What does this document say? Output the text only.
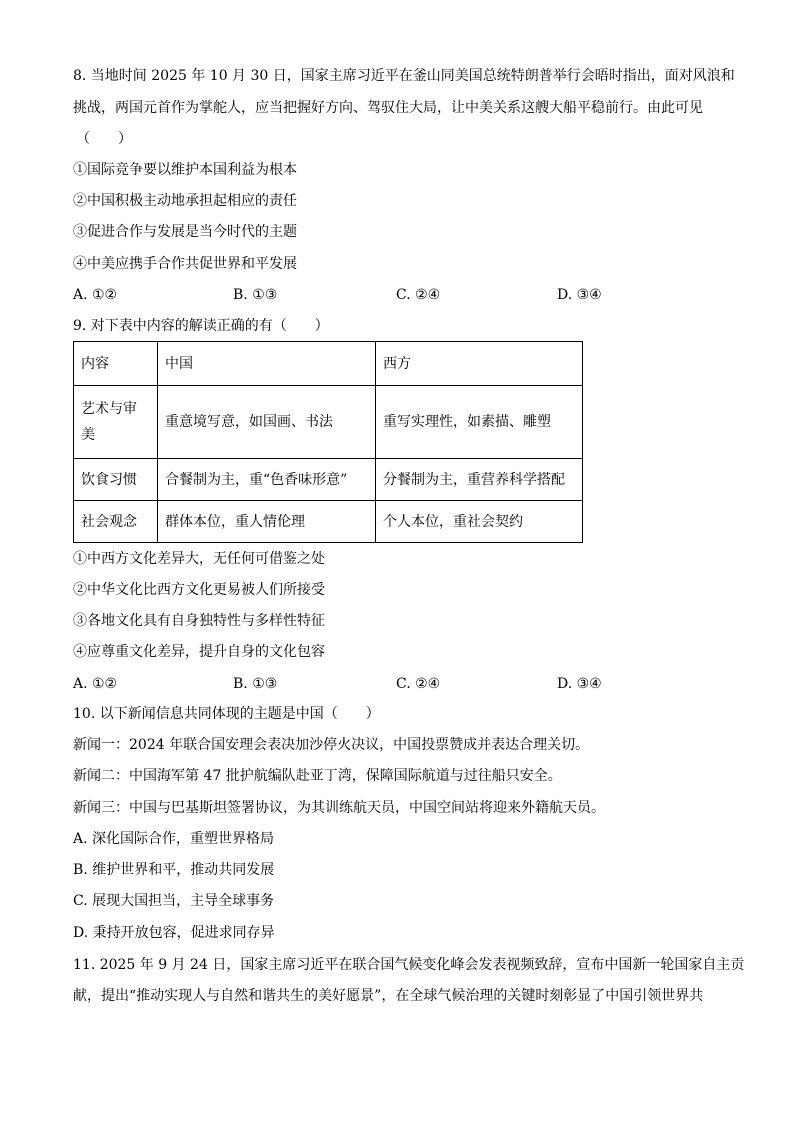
8. 当地时间 2025 年 10 月 30 日，国家主席习近平在釜山同美国总统特朗普举行会晤时指出，面对风浪和
挑战，两国元首作为掌舵人，应当把握好方向、驾驭住大局，让中美关系这艘大船平稳前行。由此可见
（　　）
①国际竞争要以维护本国利益为根本
②中国积极主动地承担起相应的责任
③促进合作与发展是当今时代的主题
④中美应携手合作共促世界和平发展
A. ①②	B. ①③	C. ②④	D. ③④
9. 对下表中内容的解读正确的有（　　）
内容	中国	西方
艺术与审美	重意境写意，如国画、书法	重写实理性，如素描、雕塑
饮食习惯	合餐制为主，重“色香味形意”	分餐制为主，重营养科学搭配
社会观念	群体本位，重人情伦理	个人本位，重社会契约
①中西方文化差异大，无任何可借鉴之处
②中华文化比西方文化更易被人们所接受
③各地文化具有自身独特性与多样性特征
④应尊重文化差异，提升自身的文化包容
A. ①②	B. ①③	C. ②④	D. ③④
10. 以下新闻信息共同体现的主题是中国（　　）
新闻一：2024 年联合国安理会表决加沙停火决议，中国投票赞成并表达合理关切。
新闻二：中国海军第 47 批护航编队赴亚丁湾，保障国际航道与过往船只安全。
新闻三：中国与巴基斯坦签署协议，为其训练航天员，中国空间站将迎来外籍航天员。
A. 深化国际合作，重塑世界格局
B. 维护世界和平，推动共同发展
C. 展现大国担当，主导全球事务
D. 秉持开放包容，促进求同存异
11. 2025 年 9 月 24 日，国家主席习近平在联合国气候变化峰会发表视频致辞，宣布中国新一轮国家自主贡
献，提出“推动实现人与自然和谐共生的美好愿景”，在全球气候治理的关键时刻彰显了中国引领世界共
